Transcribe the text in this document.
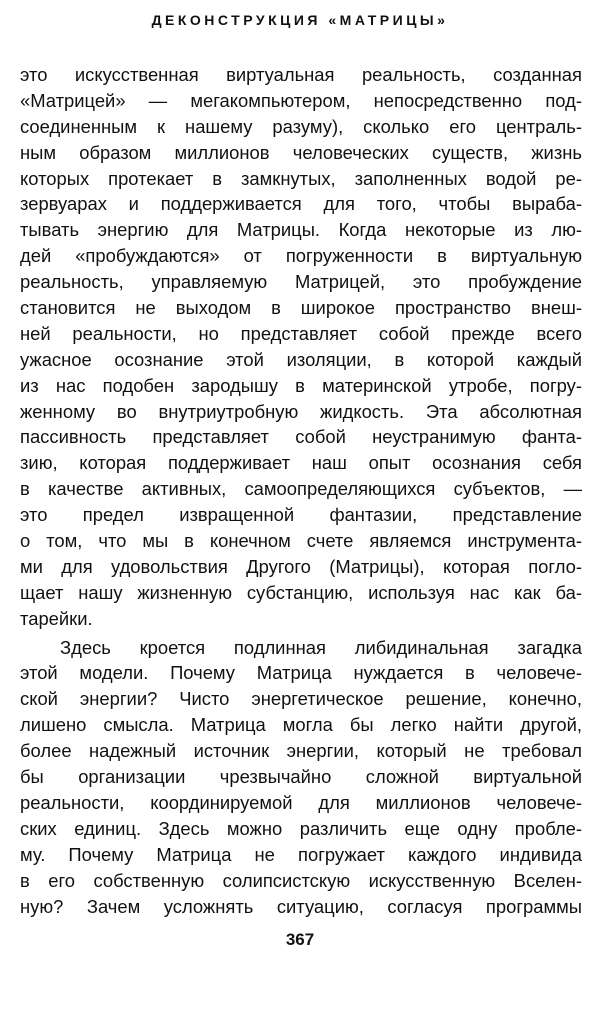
ДЕКОНСТРУКЦИЯ «МАТРИЦЫ»
это искусственная виртуальная реальность, созданная
«Матрицей» — мегакомпьютером, непосредственно под-
соединенным к нашему разуму), сколько его централь-
ным образом миллионов человеческих существ, жизнь
которых протекает в замкнутых, заполненных водой ре-
зервуарах и поддерживается для того, чтобы выраба-
тывать энергию для Матрицы. Когда некоторые из лю-
дей «пробуждаются» от погруженности в виртуальную
реальность, управляемую Матрицей, это пробуждение
становится не выходом в широкое пространство внеш-
ней реальности, но представляет собой прежде всего
ужасное осознание этой изоляции, в которой каждый
из нас подобен зародышу в материнской утробе, погру-
женному во внутриутробную жидкость. Эта абсолютная
пассивность представляет собой неустранимую фанта-
зию, которая поддерживает наш опыт осознания себя
в качестве активных, самоопределяющихся субъектов, —
это предел извращенной фантазии, представление
о том, что мы в конечном счете являемся инструмента-
ми для удовольствия Другого (Матрицы), которая погло-
щает нашу жизненную субстанцию, используя нас как ба-
тарейки.
Здесь кроется подлинная либидинальная загадка
этой модели. Почему Матрица нуждается в человече-
ской энергии? Чисто энергетическое решение, конечно,
лишено смысла. Матрица могла бы легко найти другой,
более надежный источник энергии, который не требовал
бы организации чрезвычайно сложной виртуальной
реальности, координируемой для миллионов человече-
ских единиц. Здесь можно различить еще одну пробле-
му. Почему Матрица не погружает каждого индивида
в его собственную солипсистскую искусственную Вселен-
ную? Зачем усложнять ситуацию, согласуя программы
367
